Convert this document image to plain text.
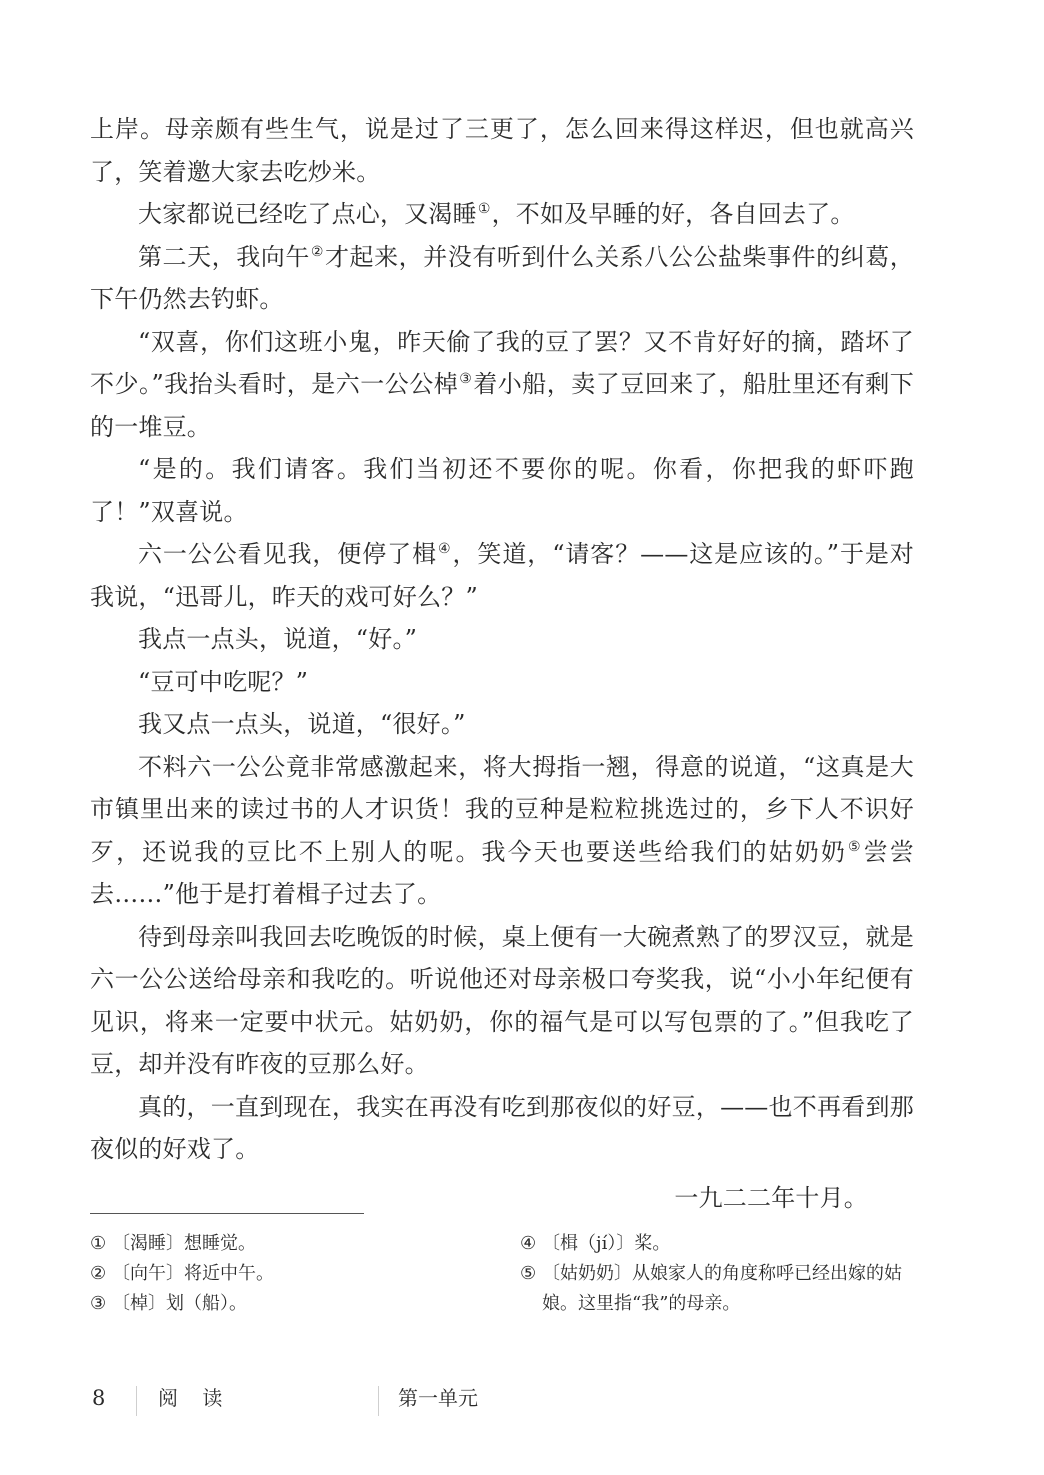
上岸。母亲颇有些生气，说是过了三更了，怎么回来得这样迟，但也就高兴了，笑着邀大家去吃炒米。

大家都说已经吃了点心，又渴睡①，不如及早睡的好，各自回去了。

第二天，我向午②才起来，并没有听到什么关系八公公盐柴事件的纠葛，下午仍然去钓虾。

“双喜，你们这班小鬼，昨天偷了我的豆了罢？又不肯好好的摘，踏坏了不少。”我抬头看时，是六一公公棹③着小船，卖了豆回来了，船肚里还有剩下的一堆豆。

“是的。我们请客。我们当初还不要你的呢。你看，你把我的虾吓跑了！”双喜说。

六一公公看见我，便停了楫④，笑道，“请客？——这是应该的。”于是对我说，“迅哥儿，昨天的戏可好么？”

我点一点头，说道，“好。”

“豆可中吃呢？”

我又点一点头，说道，“很好。”

不料六一公公竟非常感激起来，将大拇指一翘，得意的说道，“这真是大市镇里出来的读过书的人才识货！我的豆种是粒粒挑选过的，乡下人不识好歹，还说我的豆比不上别人的呢。我今天也要送些给我们的姑奶奶⑤尝尝去……”他于是打着楫子过去了。

待到母亲叫我回去吃晚饭的时候，桌上便有一大碗煮熟了的罗汉豆，就是六一公公送给母亲和我吃的。听说他还对母亲极口夸奖我，说“小小年纪便有见识，将来一定要中状元。姑奶奶，你的福气是可以写包票的了。”但我吃了豆，却并没有昨夜的豆那么好。

真的，一直到现在，我实在再没有吃到那夜似的好豆，——也不再看到那夜似的好戏了。

一九二二年十月。

① 〔渴睡〕想睡觉。
② 〔向午〕将近中午。
③ 〔棹〕划（船）。
④ 〔楫（jí）〕桨。
⑤ 〔姑奶奶〕从娘家人的角度称呼已经出嫁的姑娘。这里指“我”的母亲。
8	阅 读	第一单元
